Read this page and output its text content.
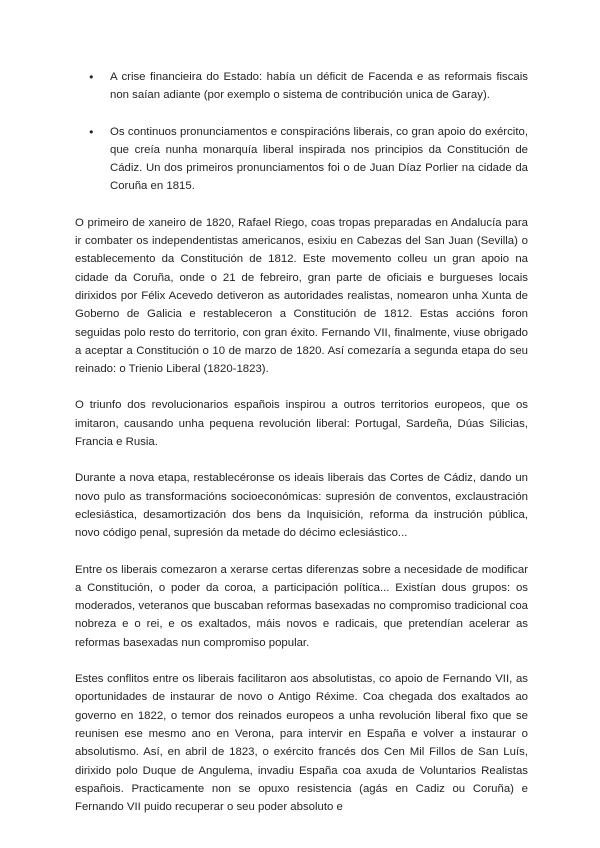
●	A crise financieira do Estado: había un déficit de Facenda e as reformais fiscais non saían adiante (por exemplo o sistema de contribución unica de Garay).
●	Os continuos pronunciamentos e conspiracións liberais, co gran apoio do exército, que creía nunha monarquía liberal inspirada nos principios da Constitución de Cádiz. Un dos primeiros pronunciamentos foi o de Juan Díaz Porlier na cidade da Coruña en 1815.

O primeiro de xaneiro de 1820, Rafael Riego, coas tropas preparadas en Andalucía para ir combater os independentistas americanos, esixiu en Cabezas del San Juan (Sevilla) o establecemento da Constitución de 1812. Este movemento colleu un gran apoio na cidade da Coruña, onde o 21 de febreiro, gran parte de oficiais e burgueses locais dirixidos por Félix Acevedo detiveron as autoridades realistas, nomearon unha Xunta de Goberno de Galicia e restableceron a Constitución de 1812. Estas accións foron seguidas polo resto do territorio, con gran éxito. Fernando VII, finalmente, viuse obrigado a aceptar a Constitución o 10 de marzo de 1820. Así comezaría a segunda etapa do seu reinado: o Trienio Liberal (1820-1823).

O triunfo dos revolucionarios españois inspirou a outros territorios europeos, que os imitaron, causando unha pequena revolución liberal: Portugal, Sardeña, Dúas Silicias, Francia e Rusia.

Durante a nova etapa, restablecéronse os ideais liberais das Cortes de Cádiz, dando un novo pulo as transformacións socioeconómicas: supresión de conventos, exclaustración eclesiástica, desamortización dos bens da Inquisición, reforma da instrución pública, novo código penal, supresión da metade do décimo eclesiástico...

Entre os liberais comezaron a xerarse certas diferenzas sobre a necesidade de modificar a Constitución, o poder da coroa, a participación política... Existían dous grupos: os moderados, veteranos que buscaban reformas basexadas no compromiso tradicional coa nobreza e o rei, e os exaltados, máis novos e radicais, que pretendían acelerar as reformas basexadas nun compromiso popular.

Estes conflitos entre os liberais facilitaron aos absolutistas, co apoio de Fernando VII, as oportunidades de instaurar de novo o Antigo Réxime. Coa chegada dos exaltados ao governo en 1822, o temor dos reinados europeos a unha revolución liberal fixo que se reunisen ese mesmo ano en Verona, para intervir en España e volver a instaurar o absolutismo. Así, en abril de 1823, o exército francés dos Cen Mil Fillos de San Luís, dirixido polo Duque de Angulema, invadiu España coa axuda de Voluntarios Realistas españois. Practicamente non se opuxo resistencia (agás en Cadiz ou Coruña) e Fernando VII puido recuperar o seu poder absoluto e
